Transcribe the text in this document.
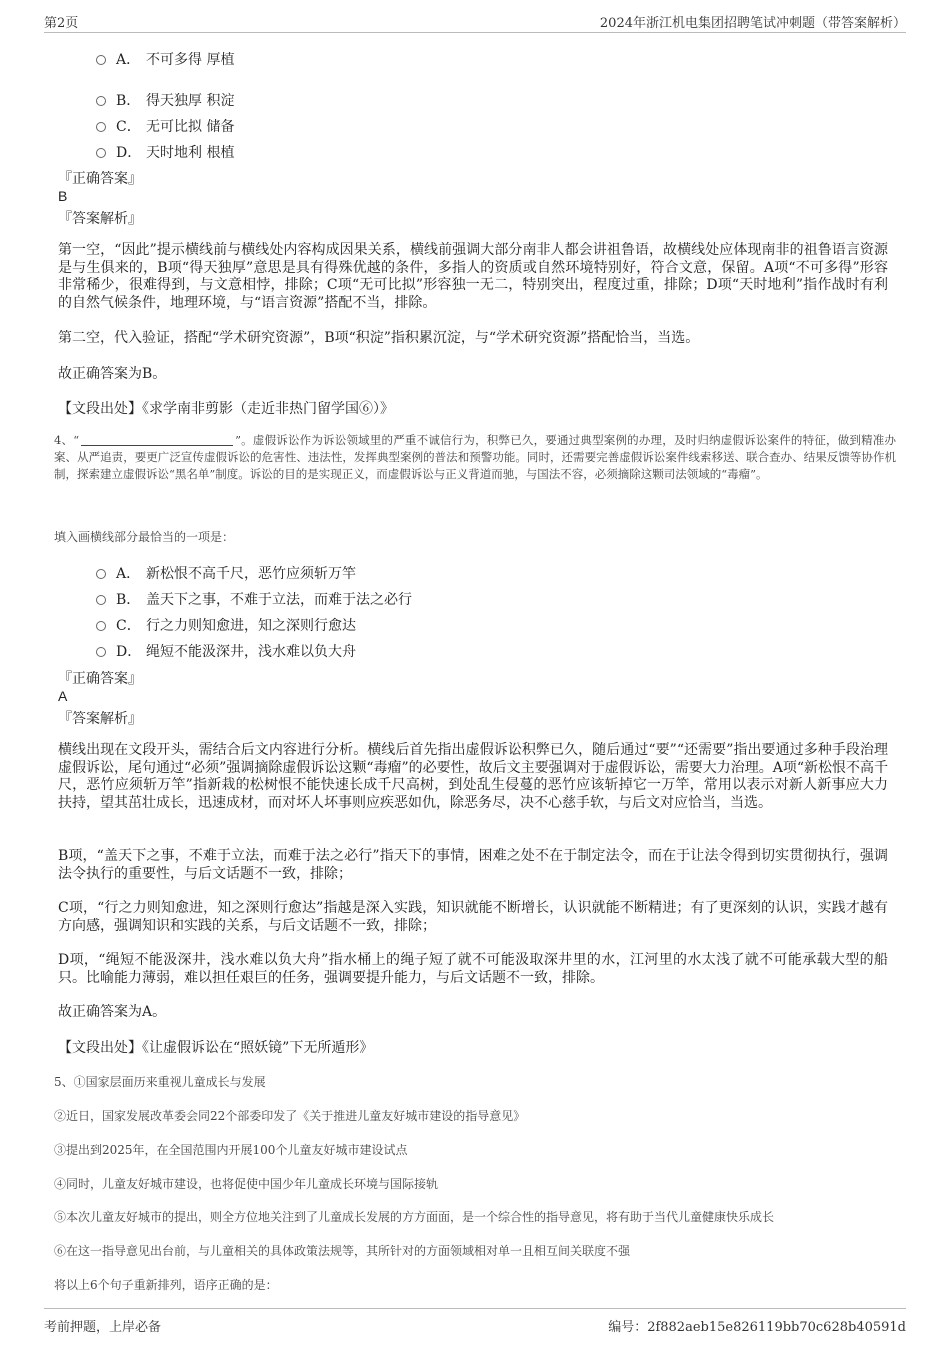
第2页	2024年浙江机电集团招聘笔试冲刺题（带答案解析）
A． 不可多得 厚植
B． 得天独厚 积淀
C． 无可比拟 储备
D． 天时地利 根植
『正确答案』
B
『答案解析』

第一空，“因此”提示横线前与横线处内容构成因果关系，横线前强调大部分南非人都会讲祖鲁语，故横线处应体现南非的祖鲁语言资源是与生俱来的，B项“得天独厚”意思是具有得殊优越的条件，多指人的资质或自然环境特别好，符合文意，保留。A项“不可多得”形容非常稀少，很难得到，与文意相悖，排除；C项“无可比拟”形容独一无二，特别突出，程度过重，排除；D项“天时地利”指作战时有利的自然气候条件，地理环境，与“语言资源”搭配不当，排除。

第二空，代入验证，搭配“学术研究资源”，B项“积淀”指积累沉淀，与“学术研究资源”搭配恰当，当选。

故正确答案为B。

【文段出处】《求学南非剪影（走近非热门留学国⑥）》

4、“	”。虚假诉讼作为诉讼领域里的严重不诚信行为，积弊已久，要通过典型案例的办理，及时归纳虚假诉讼案件的特征，做到精准办案、从严追责，要更广泛宣传虚假诉讼的危害性、违法性，发挥典型案例的普法和预警功能。同时，还需要完善虚假诉讼案件线索移送、联合查办、结果反馈等协作机制，探索建立虚假诉讼“黑名单”制度。诉讼的目的是实现正义，而虚假诉讼与正义背道而驰，与国法不容，必须摘除这颗司法领域的“毒瘤”。

填入画横线部分最恰当的一项是：
A． 新松恨不高千尺，恶竹应须斩万竿
B． 盖天下之事，不难于立法，而难于法之必行
C． 行之力则知愈进，知之深则行愈达
D． 绳短不能汲深井，浅水难以负大舟
『正确答案』
A
『答案解析』

横线出现在文段开头，需结合后文内容进行分析。横线后首先指出虚假诉讼积弊已久，随后通过“要”“还需要”指出要通过多种手段治理虚假诉讼，尾句通过“必须”强调摘除虚假诉讼这颗“毒瘤”的必要性，故后文主要强调对于虚假诉讼，需要大力治理。A项“新松恨不高千尺，恶竹应须斩万竿”指新栽的松树恨不能快速长成千尺高树，到处乱生侵蔓的恶竹应该斩掉它一万竿，常用以表示对新人新事应大力扶持，望其茁壮成长，迅速成材，而对坏人坏事则应疾恶如仇，除恶务尽，决不心慈手软，与后文对应恰当，当选。

B项，“盖天下之事，不难于立法，而难于法之必行”指天下的事情，困难之处不在于制定法令，而在于让法令得到切实贯彻执行，强调法令执行的重要性，与后文话题不一致，排除；

C项，“行之力则知愈进，知之深则行愈达”指越是深入实践，知识就能不断增长，认识就能不断精进；有了更深刻的认识，实践才越有方向感，强调知识和实践的关系，与后文话题不一致，排除；

D项，“绳短不能汲深井，浅水难以负大舟”指水桶上的绳子短了就不可能汲取深井里的水，江河里的水太浅了就不可能承载大型的船只。比喻能力薄弱，难以担任艰巨的任务，强调要提升能力，与后文话题不一致，排除。

故正确答案为A。

【文段出处】《让虚假诉讼在“照妖镜”下无所遁形》
5、①国家层面历来重视儿童成长与发展
②近日，国家发展改革委会同22个部委印发了《关于推进儿童友好城市建设的指导意见》
③提出到2025年，在全国范围内开展100个儿童友好城市建设试点
④同时，儿童友好城市建设，也将促使中国少年儿童成长环境与国际接轨
⑤本次儿童友好城市的提出，则全方位地关注到了儿童成长发展的方方面面，是一个综合性的指导意见，将有助于当代儿童健康快乐成长
⑥在这一指导意见出台前，与儿童相关的具体政策法规等，其所针对的方面领域相对单一且相互间关联度不强
将以上6个句子重新排列，语序正确的是：
考前押题，上岸必备	编号：2f882aeb15e826119bb70c628b40591d
